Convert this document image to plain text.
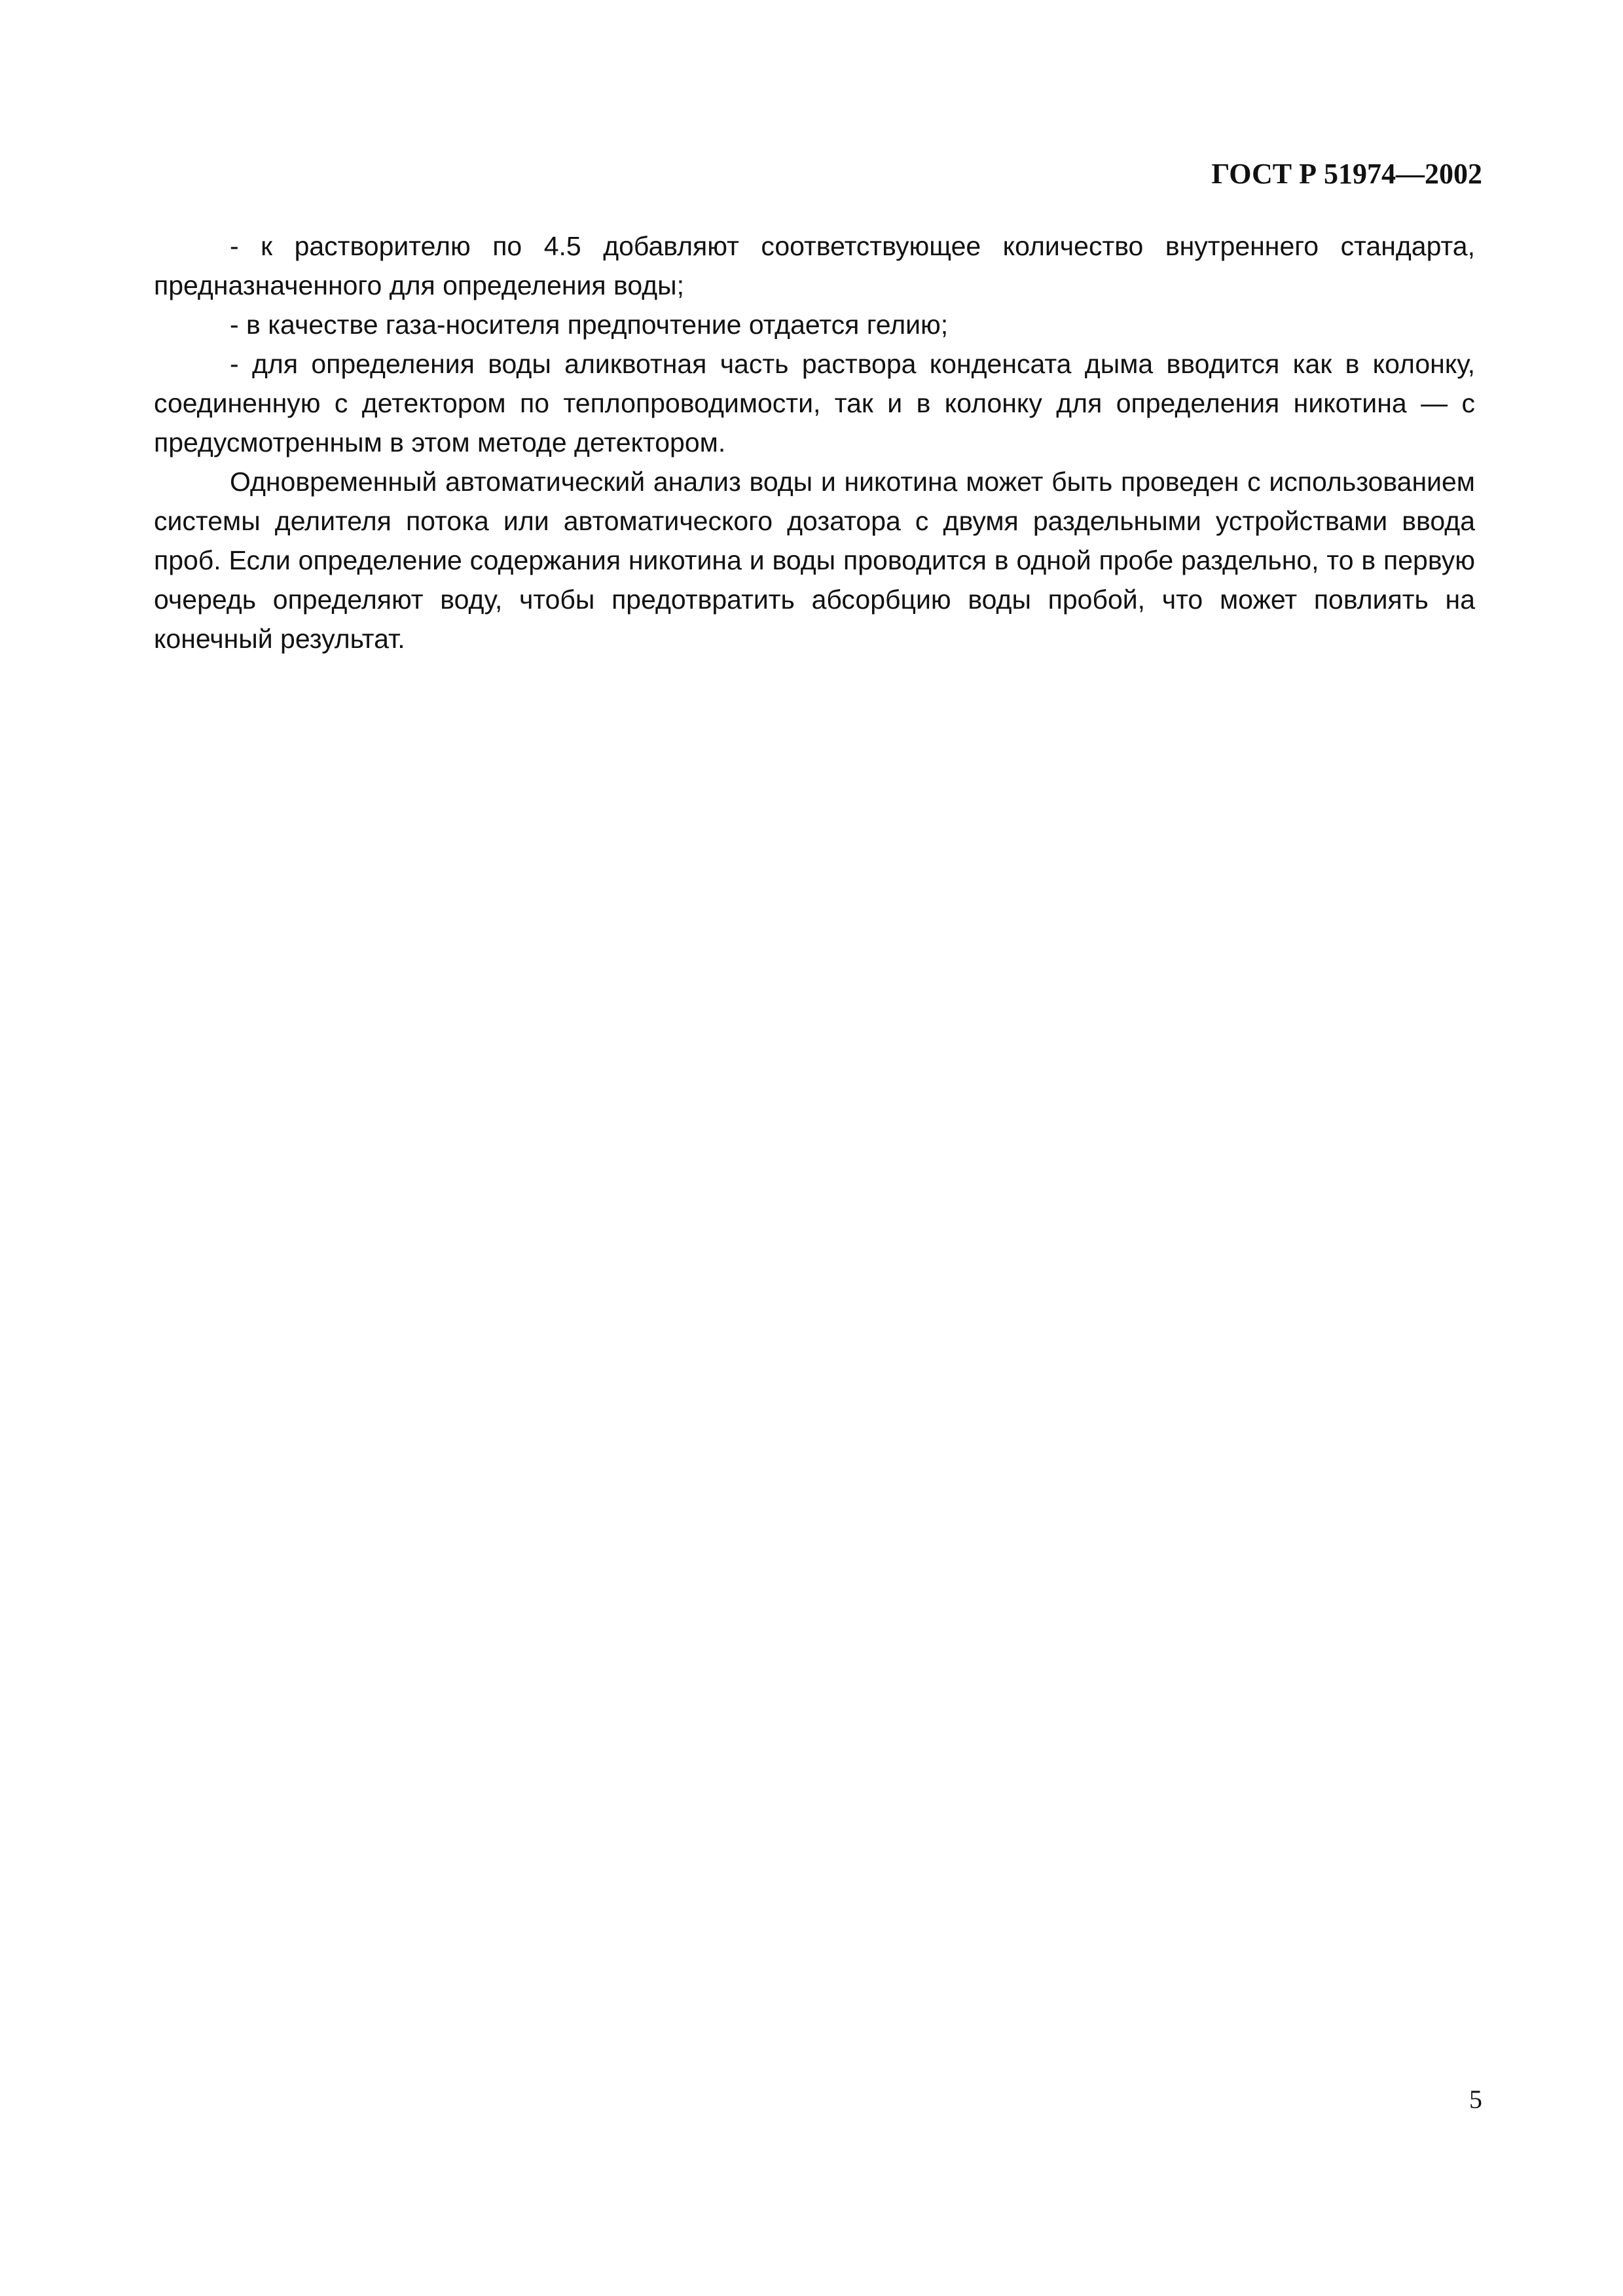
ГОСТ Р 51974—2002

- к растворителю по 4.5 добавляют соответствующее количество внутреннего стандарта, предназначенного для определения воды;

- в качестве газа-носителя предпочтение отдается гелию;

- для определения воды аликвотная часть раствора конденсата дыма вводится как в колонку, соединенную с детектором по теплопроводимости, так и в колонку для определения никотина — с предусмотренным в этом методе детектором.

Одновременный автоматический анализ воды и никотина может быть проведен с использованием системы делителя потока или автоматического дозатора с двумя раздельными устройствами ввода проб. Если определение содержания никотина и воды проводится в одной пробе раздельно, то в первую очередь определяют воду, чтобы предотвратить абсорбцию воды пробой, что может повлиять на конечный результат.

5
